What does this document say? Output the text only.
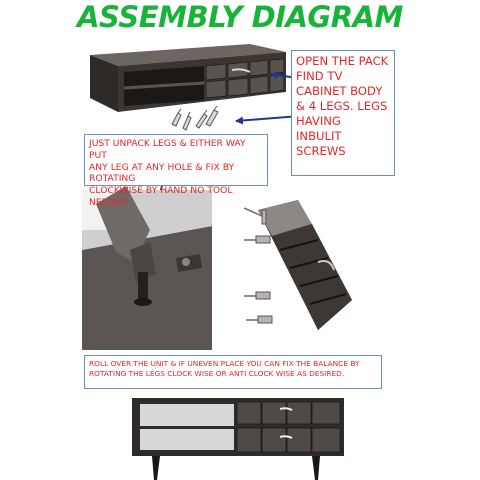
ASSEMBLY DIAGRAM
OPEN THE PACK
FIND TV
CABINET BODY
& 4 LEGS. LEGS
HAVING
INBULIT
SCREWS
JUST UNPACK LEGS & EITHER WAY PUT
ANY LEG AT ANY HOLE & FIX BY ROTATING
CLOCKWISE BY HAND NO TOOL NEEDED
ROLL OVER THE UNIT & IF UNEVEN PLACE YOU CAN FIX THE BALANCE BY
ROTATING THE LEGS CLOCK WISE OR ANTI CLOCK WISE AS DESIRED.
